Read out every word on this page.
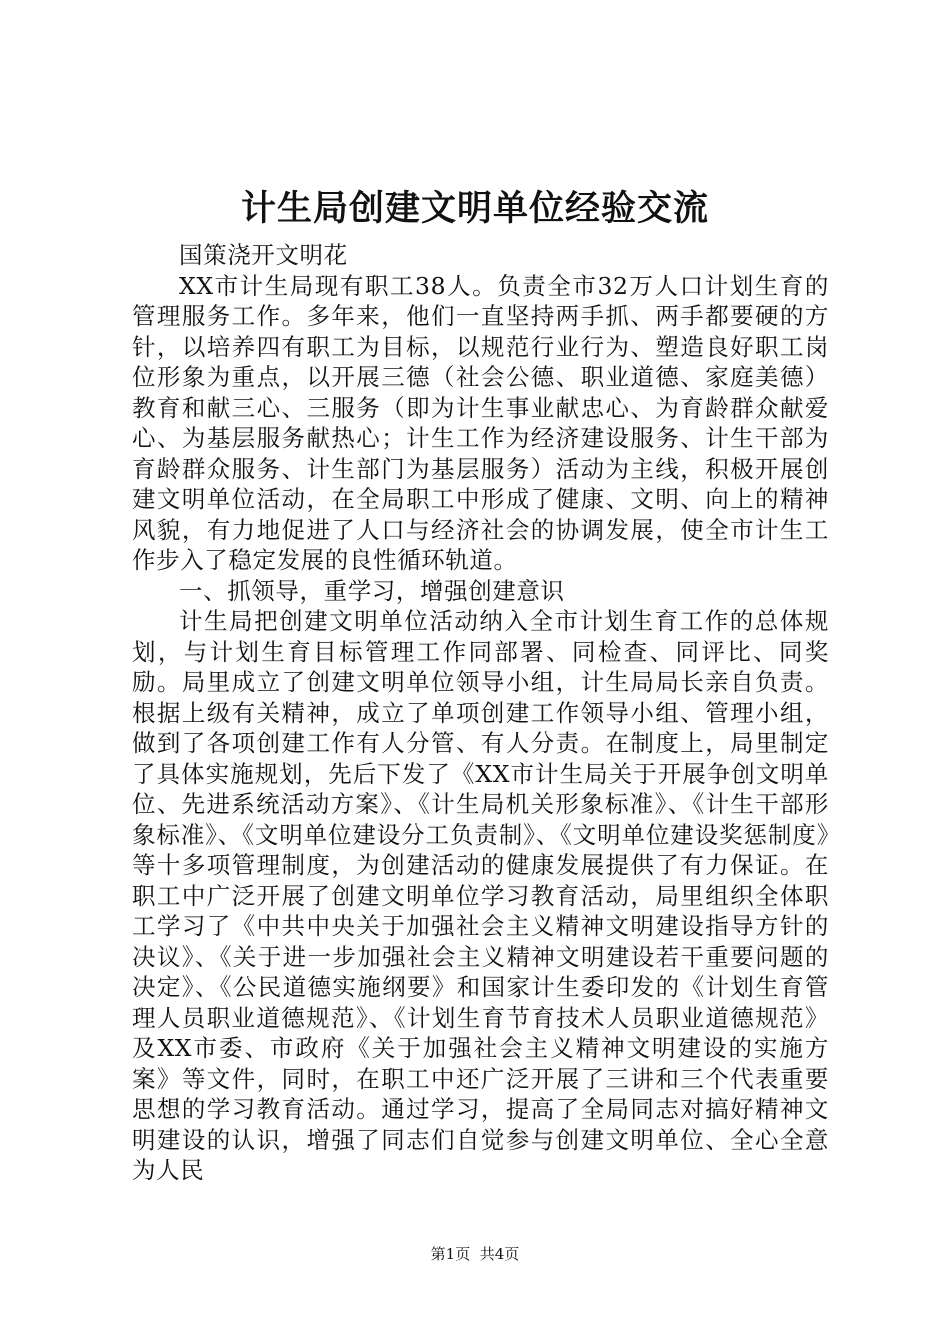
计生局创建文明单位经验交流

国策浇开文明花

XX市计生局现有职工38人。负责全市32万人口计划生育的管理服务工作。多年来，他们一直坚持两手抓、两手都要硬的方针，以培养四有职工为目标，以规范行业行为、塑造良好职工岗位形象为重点，以开展三德（社会公德、职业道德、家庭美德）教育和献三心、三服务（即为计生事业献忠心、为育龄群众献爱心、为基层服务献热心；计生工作为经济建设服务、计生干部为育龄群众服务、计生部门为基层服务）活动为主线，积极开展创建文明单位活动，在全局职工中形成了健康、文明、向上的精神风貌，有力地促进了人口与经济社会的协调发展，使全市计生工作步入了稳定发展的良性循环轨道。

一、抓领导，重学习，增强创建意识

计生局把创建文明单位活动纳入全市计划生育工作的总体规划，与计划生育目标管理工作同部署、同检查、同评比、同奖励。局里成立了创建文明单位领导小组，计生局局长亲自负责。根据上级有关精神，成立了单项创建工作领导小组、管理小组，做到了各项创建工作有人分管、有人分责。在制度上，局里制定了具体实施规划，先后下发了《XX市计生局关于开展争创文明单位、先进系统活动方案》、《计生局机关形象标准》、《计生干部形象标准》、《文明单位建设分工负责制》、《文明单位建设奖惩制度》等十多项管理制度，为创建活动的健康发展提供了有力保证。在职工中广泛开展了创建文明单位学习教育活动，局里组织全体职工学习了《中共中央关于加强社会主义精神文明建设指导方针的决议》、《关于进一步加强社会主义精神文明建设若干重要问题的决定》、《公民道德实施纲要》和国家计生委印发的《计划生育管理人员职业道德规范》、《计划生育节育技术人员职业道德规范》及XX市委、市政府《关于加强社会主义精神文明建设的实施方案》等文件，同时，在职工中还广泛开展了三讲和三个代表重要思想的学习教育活动。通过学习，提高了全局同志对搞好精神文明建设的认识，增强了同志们自觉参与创建文明单位、全心全意为人民

第1页 共4页
